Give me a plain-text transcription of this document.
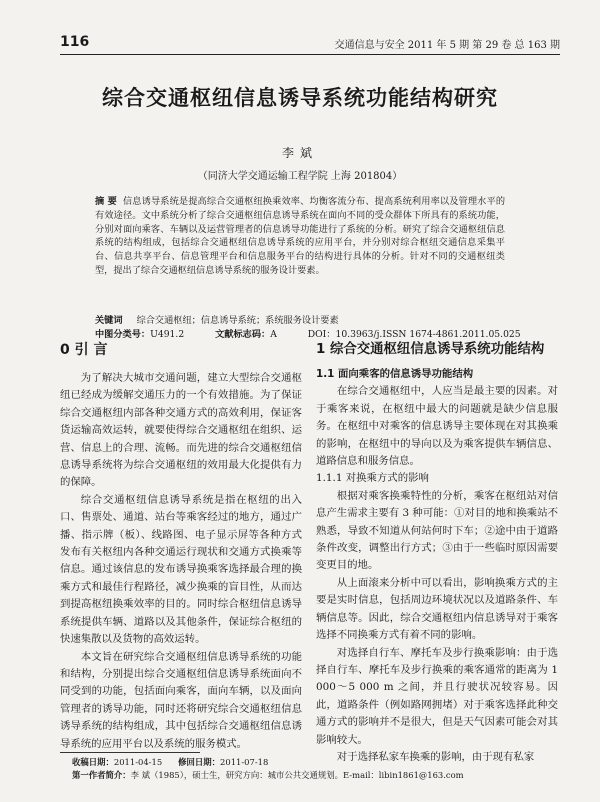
116	交通信息与安全 2011 年 5 期 第 29 卷 总 163 期
综合交通枢纽信息诱导系统功能结构研究
李斌
（同济大学交通运输工程学院 上海 201804）
摘 要 信息诱导系统是提高综合交通枢纽换乘效率、均衡客流分布、提高系统利用率以及管理水平的有效途径。文中系统分析了综合交通枢纽信息诱导系统在面向不同的受众群体下所具有的系统功能，分别对面向乘客、车辆以及运营管理者的信息诱导功能进行了系统的分析。研究了综合交通枢纽信息系统的结构组成，包括综合交通枢纽信息诱导系统的应用平台，并分别对综合枢纽交通信息采集平台、信息共享平台、信息管理平台和信息服务平台的结构进行具体的分析。针对不同的交通枢纽类型，提出了综合交通枢纽信息诱导系统的服务设计要素。
关键词 综合交通枢纽；信息诱导系统；系统服务设计要素
中图分类号：U491.2	文献标志码：A	DOI：10.3963/j.ISSN 1674-4861.2011.05.025

0 引 言

为了解决大城市交通问题，建立大型综合交通枢纽已经成为缓解交通压力的一个有效措施。为了保证综合交通枢纽内部各种交通方式的高效利用，保证客货运输高效运转，就要使得综合交通枢纽在组织、运营、信息上的合理、流畅。而先进的综合交通枢纽信息诱导系统将为综合交通枢纽的效用最大化提供有力的保障。

综合交通枢纽信息诱导系统是指在枢纽的出入口、售票处、通道、站台等乘客经过的地方，通过广播、指示牌（板）、线路图、电子显示屏等各种方式发布有关枢纽内各种交通运行现状和交通方式换乘等信息。通过该信息的发布诱导换乘客选择最合理的换乘方式和最佳行程路径，减少换乘的盲目性，从而达到提高枢纽换乘效率的目的。同时综合枢纽信息诱导系统提供车辆、道路以及其他条件，保证综合枢纽的快速集散以及货物的高效运转。

本文旨在研究综合交通枢纽信息诱导系统的功能和结构，分别提出综合交通枢纽信息诱导系统面向不同受到的功能，包括面向乘客，面向车辆，以及面向管理者的诱导功能，同时还将研究综合交通枢纽信息诱导系统的结构组成，其中包括综合交通枢纽信息诱导系统的应用平台以及系统的服务模式。

1 综合交通枢纽信息诱导系统功能结构

1.1 面向乘客的信息诱导功能结构

在综合交通枢纽中，人应当是最主要的因素。对于乘客来说，在枢纽中最大的问题就是缺少信息服务。在枢纽中对乘客的信息诱导主要体现在对其换乘的影响，在枢纽中的导向以及为乘客提供车辆信息、道路信息和服务信息。

1.1.1 对换乘方式的影响

根据对乘客换乘特性的分析，乘客在枢纽站对信息产生需求主要有 3 种可能：①对目的地和换乘站不熟悉，导致不知道从何站何时下车；②途中由于道路条件改变，调整出行方式；③由于一些临时原因需要变更目的地。

从上面滚来分析中可以看出，影响换乘方式的主要是实时信息，包括周边环境状况以及道路条件、车辆信息等。因此，综合交通枢纽内信息诱导对于乘客选择不同换乘方式有着不同的影响。

对选择自行车、摩托车及步行换乘影响：由于选择自行车、摩托车及步行换乘的乘客通常的距离为 1 000～5 000 m 之间，并且行驶状况较容易。因此，道路条件（例如路网拥堵）对于乘客选择此种交通方式的影响并不是很大，但是天气因素可能会对其影响较大。

对于选择私家车换乘的影响，由于现有私家

收稿日期：2011-04-15 修回日期：2011-07-18
第一作者简介：李 斌（1985），硕士生，研究方向：城市公共交通规划。E-mail：libin1861@163.com
